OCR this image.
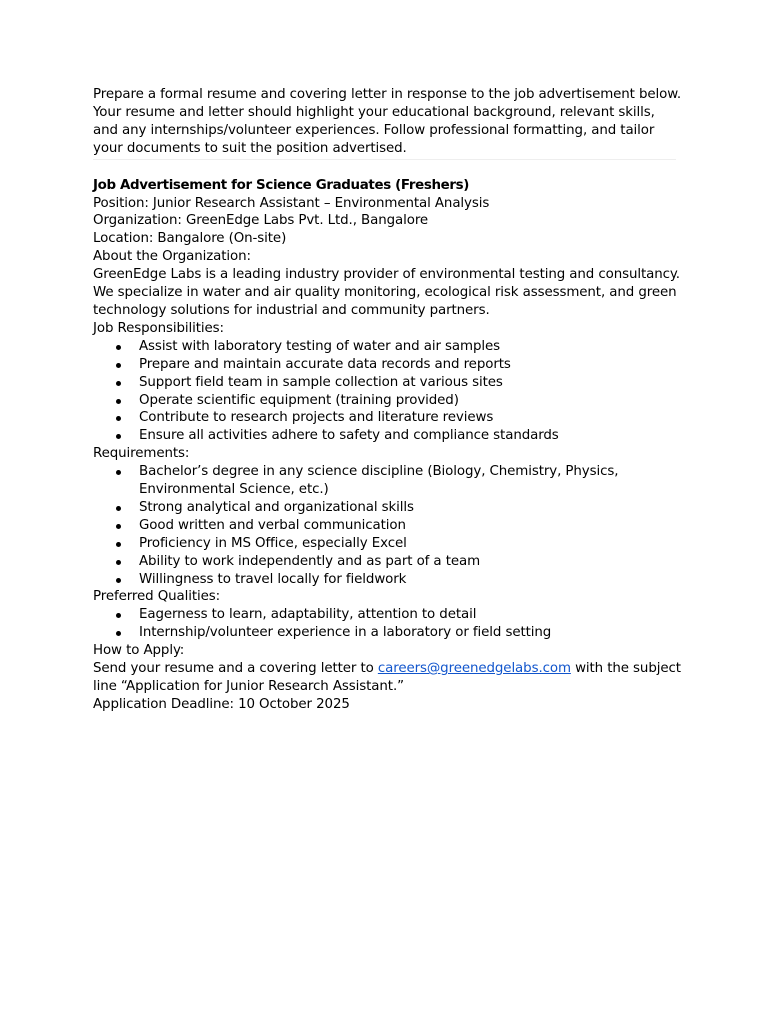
Prepare a formal resume and covering letter in response to the job advertisement below. Your resume and letter should highlight your educational background, relevant skills, and any internships/volunteer experiences. Follow professional formatting, and tailor your documents to suit the position advertised.

Job Advertisement for Science Graduates (Freshers)

Position: Junior Research Assistant – Environmental Analysis

Organization: GreenEdge Labs Pvt. Ltd., Bangalore

Location: Bangalore (On-site)

About the Organization:

GreenEdge Labs is a leading industry provider of environmental testing and consultancy. We specialize in water and air quality monitoring, ecological risk assessment, and green technology solutions for industrial and community partners.

Job Responsibilities:

Assist with laboratory testing of water and air samples
Prepare and maintain accurate data records and reports
Support field team in sample collection at various sites
Operate scientific equipment (training provided)
Contribute to research projects and literature reviews
Ensure all activities adhere to safety and compliance standards

Requirements:

Bachelor’s degree in any science discipline (Biology, Chemistry, Physics, Environmental Science, etc.)
Strong analytical and organizational skills
Good written and verbal communication
Proficiency in MS Office, especially Excel
Ability to work independently and as part of a team
Willingness to travel locally for fieldwork

Preferred Qualities:

Eagerness to learn, adaptability, attention to detail
Internship/volunteer experience in a laboratory or field setting

How to Apply:

Send your resume and a covering letter to careers@greenedgelabs.com with the subject line “Application for Junior Research Assistant.”

Application Deadline: 10 October 2025
